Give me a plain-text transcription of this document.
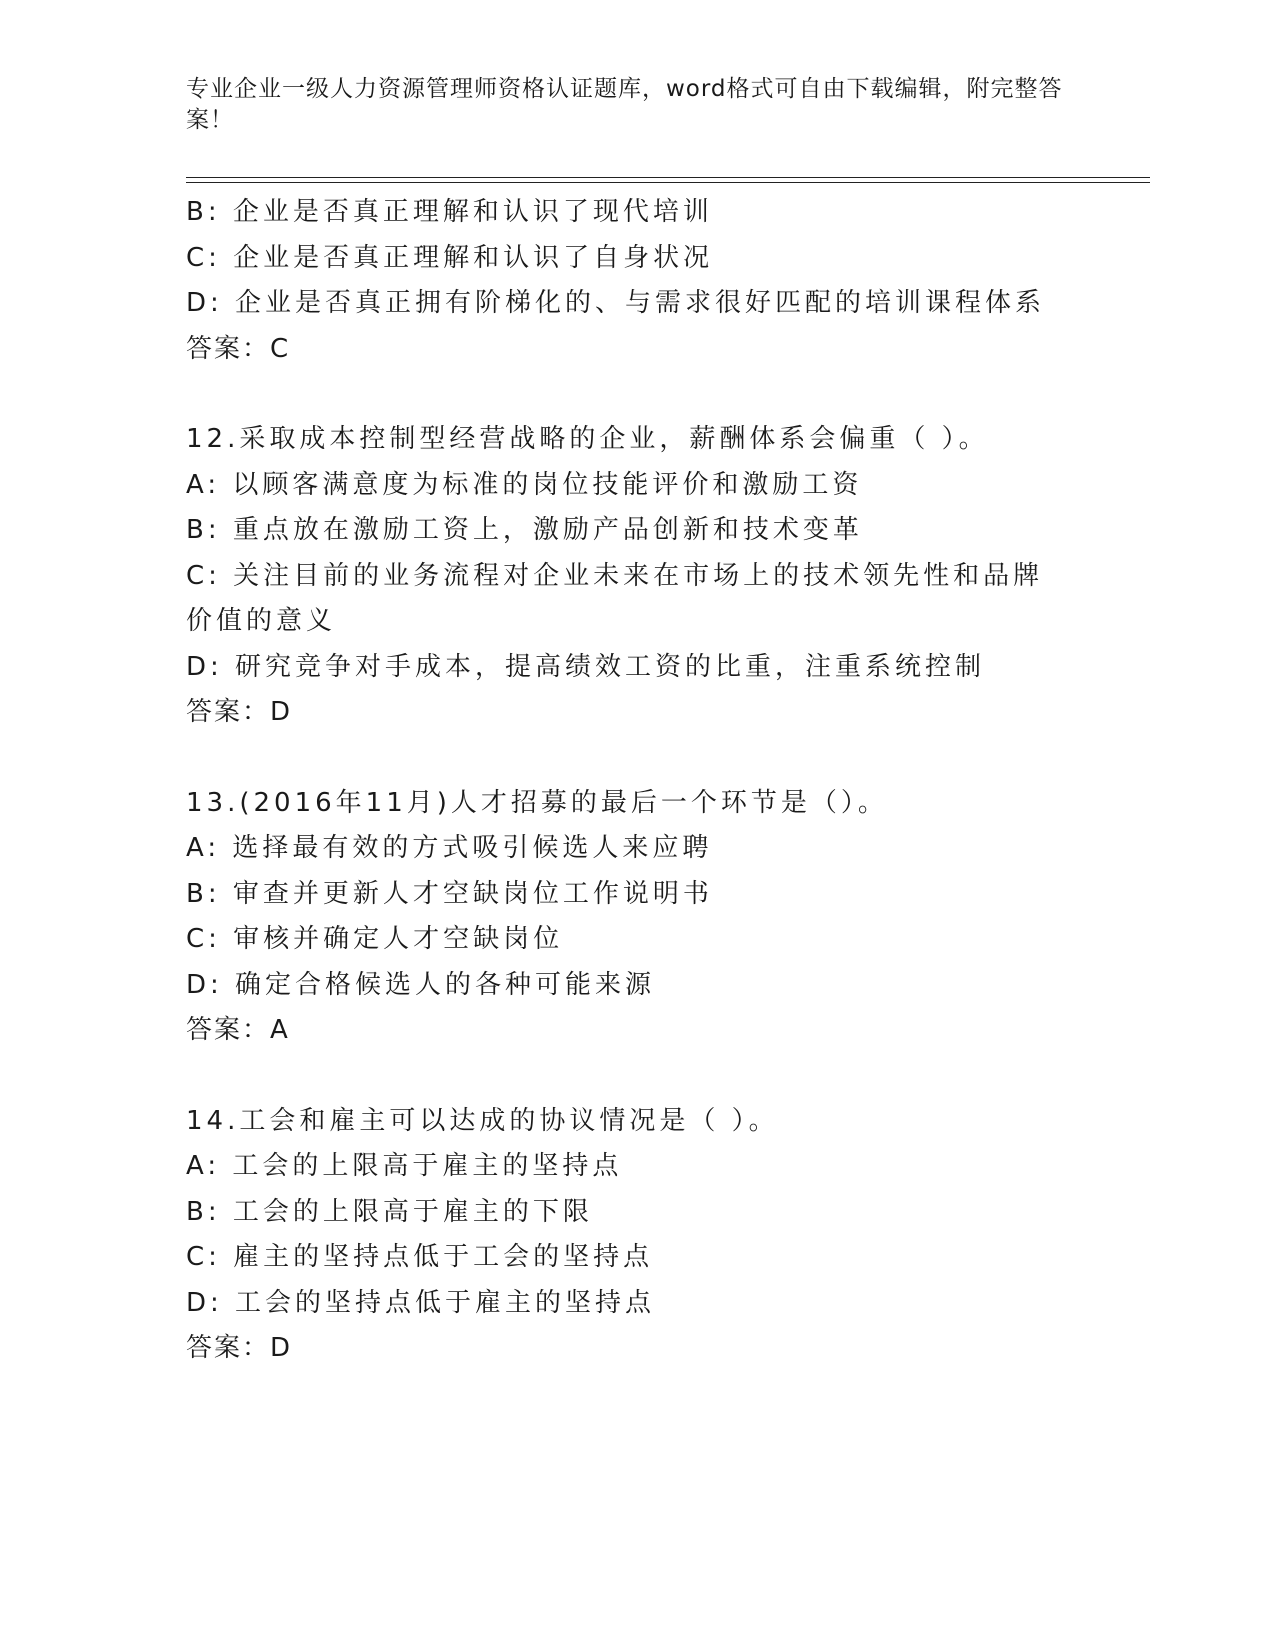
专业企业一级人力资源管理师资格认证题库，word格式可自由下载编辑，附完整答案！
B: 企业是否真正理解和认识了现代培训
C: 企业是否真正理解和认识了自身状况
D: 企业是否真正拥有阶梯化的、与需求很好匹配的培训课程体系
答案：C
12.采取成本控制型经营战略的企业，薪酬体系会偏重（ ）。
A: 以顾客满意度为标准的岗位技能评价和激励工资
B: 重点放在激励工资上，激励产品创新和技术变革
C: 关注目前的业务流程对企业未来在市场上的技术领先性和品牌价值的意义
D: 研究竞争对手成本，提高绩效工资的比重，注重系统控制
答案：D
13.(2016年11月)人才招募的最后一个环节是（）。
A: 选择最有效的方式吸引候选人来应聘
B: 审查并更新人才空缺岗位工作说明书
C: 审核并确定人才空缺岗位
D: 确定合格候选人的各种可能来源
答案：A
14.工会和雇主可以达成的协议情况是（ ）。
A: 工会的上限高于雇主的坚持点
B: 工会的上限高于雇主的下限
C: 雇主的坚持点低于工会的坚持点
D: 工会的坚持点低于雇主的坚持点
答案：D
